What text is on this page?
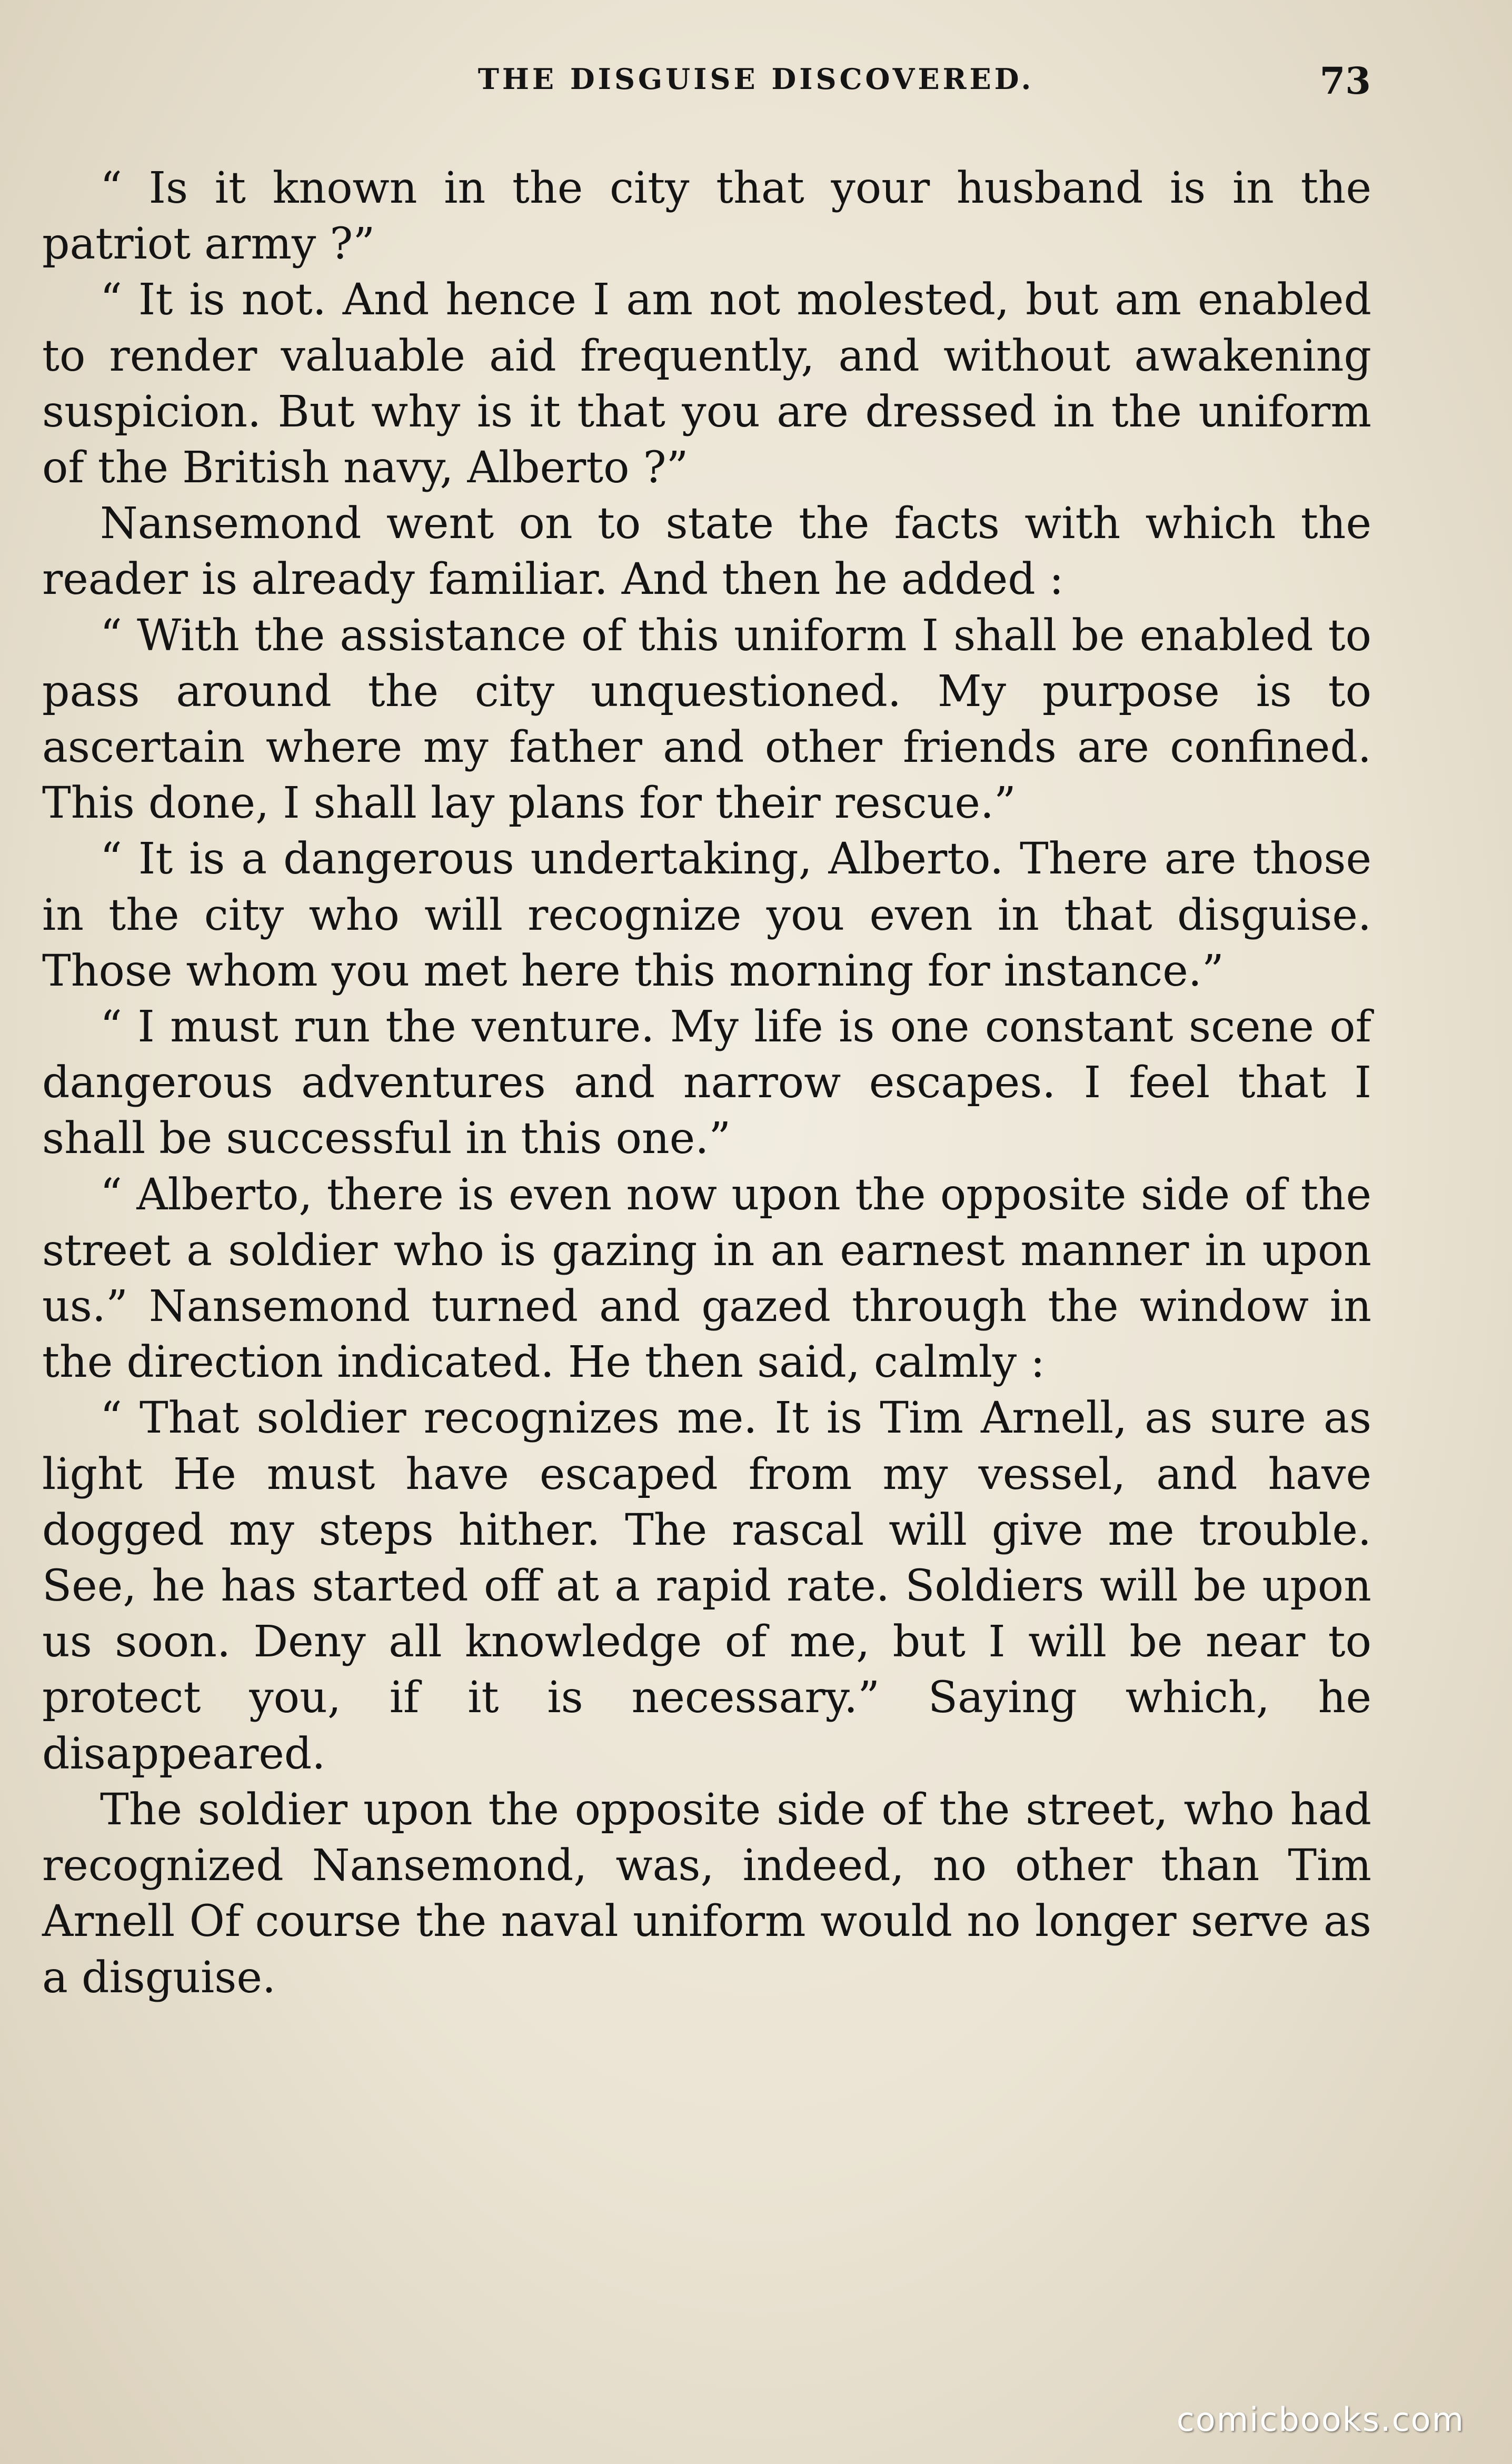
THE DISGUISE DISCOVERED.	73

“ Is it known in the city that your husband is in the patriot army ?”

“ It is not. And hence I am not molested, but am enabled to render valuable aid frequently, and without awakening suspicion. But why is it that you are dressed in the uniform of the British navy, Alberto ?”

Nansemond went on to state the facts with which the reader is already familiar. And then he added :

“ With the assistance of this uniform I shall be enabled to pass around the city unquestioned. My purpose is to ascertain where my father and other friends are confined. This done, I shall lay plans for their rescue.”

“ It is a dangerous undertaking, Alberto. There are those in the city who will recognize you even in that disguise. Those whom you met here this morning for instance.”

“ I must run the venture. My life is one constant scene of dangerous adventures and narrow escapes. I feel that I shall be successful in this one.”

“ Alberto, there is even now upon the opposite side of the street a soldier who is gazing in an earnest manner in upon us.” Nansemond turned and gazed through the window in the direction indicated. He then said, calmly :

“ That soldier recognizes me. It is Tim Arnell, as sure as light He must have escaped from my vessel, and have dogged my steps hither. The rascal will give me trouble. See, he has started off at a rapid rate. Soldiers will be upon us soon. Deny all knowledge of me, but I will be near to protect you, if it is necessary.” Saying which, he disappeared.

The soldier upon the opposite side of the street, who had recognized Nansemond, was, indeed, no other than Tim Arnell Of course the naval uniform would no longer serve as a disguise.

comicbooks.com
